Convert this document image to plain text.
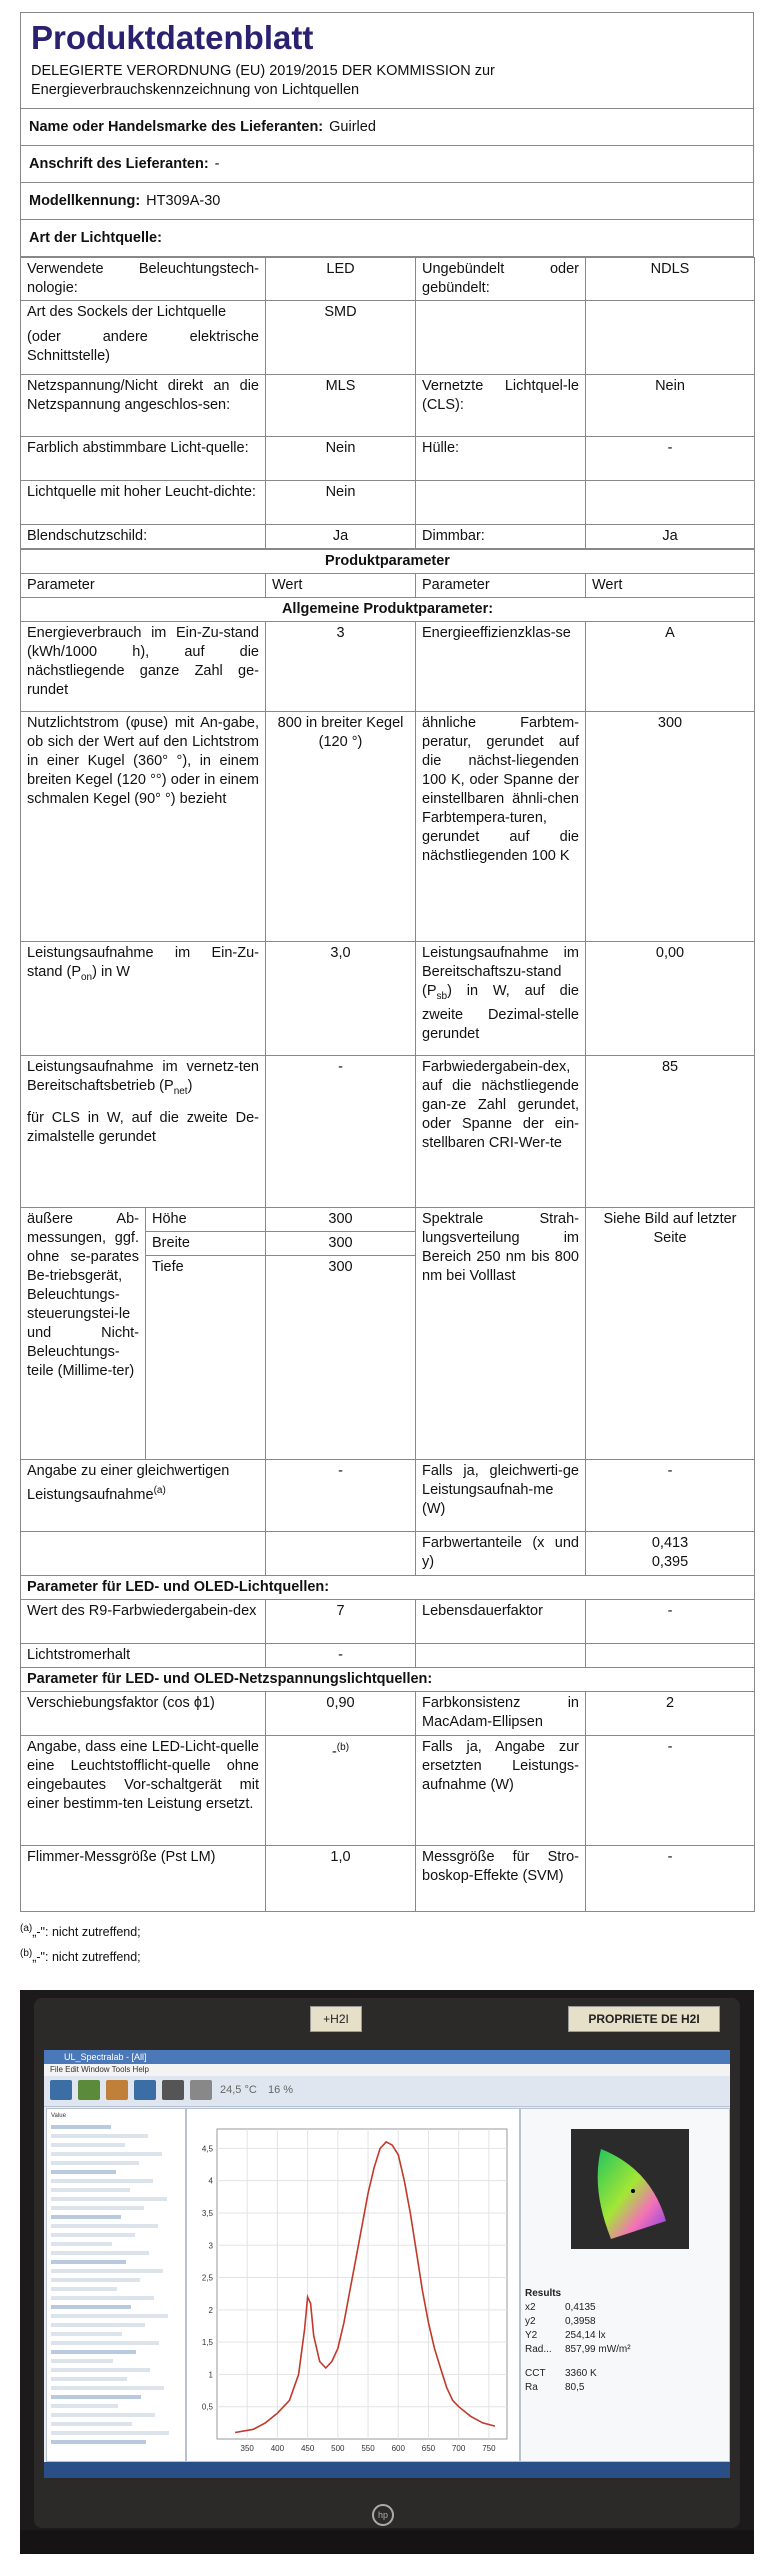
Produktdatenblatt
DELEGIERTE VERORDNUNG (EU) 2019/2015 DER KOMMISSION zur
Energieverbrauchskennzeichnung von Lichtquellen
Name oder Handelsmarke des Lieferanten: Guirled
Anschrift des Lieferanten: -
Modellkennung: HT309A-30
Art der Lichtquelle:
Verwendete Beleuchtungstech-nologie:	LED	Ungebündelt oder gebündelt:	NDLS

Art des Sockels der Lichtquelle
(oder andere elektrische Schnittstelle)	SMD		
Netzspannung/Nicht direkt an die Netzspannung angeschlos-sen:	MLS	Vernetzte Lichtquel-le (CLS):	Nein
Farblich abstimmbare Licht-quelle:	Nein	Hülle:	-
Lichtquelle mit hoher Leucht-dichte:	Nein		
Blendschutzschild:	Ja	Dimmbar:	Ja
Produktparameter				
Parameter		Wert	Parameter	Wert
Allgemeine Produktparameter:				
Energieverbrauch im Ein-Zu-stand (kWh/1000 h), auf die nächstliegende ganze Zahl ge-rundet		3	Energieeffizienzklas-se	A
Nutzlichtstrom (φuse) mit An-gabe, ob sich der Wert auf den Lichtstrom in einer Kugel (360° °), in einem breiten Kegel (120 °°) oder in einem schmalen Kegel (90° °) bezieht		800 in breiter Kegel (120 °)	ähnliche Farbtem-peratur, gerundet auf die nächst-liegenden 100 K, oder Spanne der einstellbaren ähnli-chen Farbtempera-turen, gerundet auf die nächstliegenden 100 K	300
Leistungsaufnahme im Ein-Zu-stand $(P_{on})$ in W		3,0	Leistungsaufnahme im Bereitschaftszu-stand $(P_{sb})$ in W, auf die zweite Dezimal-stelle gerundet	0,00
Leistungsaufnahme im vernetz-ten Bereitschaftsbetrieb $(P_{net})$
für CLS in W, auf die zweite De-zimalstelle gerundet		-	Farbwiedergabein-dex, auf die nächstliegende gan-ze Zahl gerundet, oder Spanne der ein-stellbaren CRI-Wer-te	85
äußere Ab-messungen, ggf. ohne se-parates Be-triebsgerät, Beleuchtungs-steuerungstei-le und Nicht-Beleuchtungs-teile (Millime-ter)	Höhe	300	Spektrale Strah-lungsverteilung im Bereich 250 nm bis 800 nm bei Volllast	Siehe Bild auf letzter Seite
	Breite	300		
	Tiefe	300		

Angabe zu einer gleichwertigen Leistungsaufnahme$^{(a)}$		-	Falls ja, gleichwerti-ge Leistungsaufnah-me (W)	-
			Farbwertanteile (x und y)	0,413
0,395

Parameter für LED- und OLED-Lichtquellen:				
Wert des R9-Farbwiedergabein-dex		7	Lebensdauerfaktor	-
Lichtstromerhalt		-		
Parameter für LED- und OLED-Netzspannungslichtquellen:				
Verschiebungsfaktor (cos ϕ1)		0,90	Farbkonsistenz in MacAdam-Ellipsen	2
Angabe, dass eine LED-Licht-quelle eine Leuchtstofflicht-quelle ohne eingebautes Vor-schaltgerät mit einer bestimm-ten Leistung ersetzt.		-$^{(b)}$	Falls ja, Angabe zur ersetzten Leistungs-aufnahme (W)	-
Flimmer-Messgröße (Pst LM)		1,0	Messgröße für Stro-boskop-Effekte (SVM)	-
$^{(a)}$„-": nicht zutreffend;
$^{(b)}$„-": nicht zutreffend;
+H2I	PROPRIETE DE H2I
UL_Spectralab - [All]
File Edit Window Tools Help
24,5 °C 16 %
Value
350 400 450 500 550 600 650 700 750
4,5
4
3,5
3
2,5
2
1,5
1
0,5
Results
x2	0,4135
y2	0,3958
Y2	254,14 lx
Rad... 857,99 mW/m²
CCT 3360 K
Ra	80,5
hp
